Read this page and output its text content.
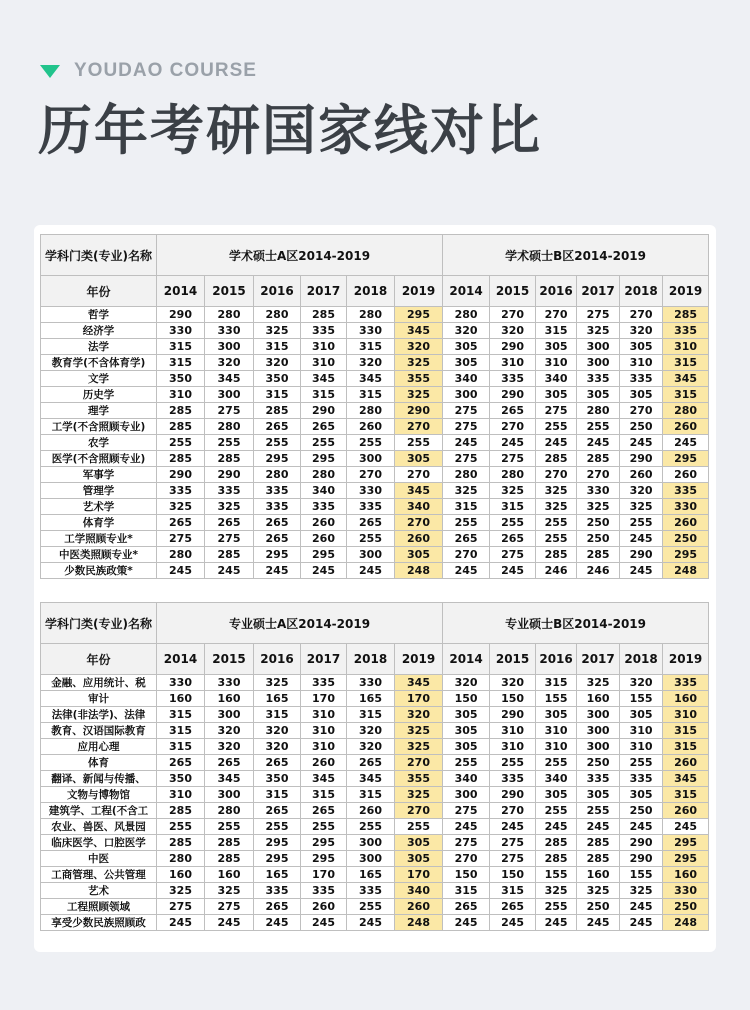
YOUDAO COURSE
历年考研国家线对比
学科门类(专业)名称	学术硕士A区2014-2019						学术硕士B区2014-2019					
年份	2014	2015	2016	2017	2018	2019	2014	2015	2016	2017	2018	2019
哲学	290	280	280	285	280	295	280	270	270	275	270	285
经济学	330	330	325	335	330	345	320	320	315	325	320	335
法学	315	300	315	310	315	320	305	290	305	300	305	310
教育学(不含体育学)	315	320	320	310	320	325	305	310	310	300	310	315
文学	350	345	350	345	345	355	340	335	340	335	335	345
历史学	310	300	315	315	315	325	300	290	305	305	305	315
理学	285	275	285	290	280	290	275	265	275	280	270	280
工学(不含照顾专业)	285	280	265	265	260	270	275	270	255	255	250	260
农学	255	255	255	255	255	255	245	245	245	245	245	245
医学(不含照顾专业)	285	285	295	295	300	305	275	275	285	285	290	295
军事学	290	290	280	280	270	270	280	280	270	270	260	260
管理学	335	335	335	340	330	345	325	325	325	330	320	335
艺术学	325	325	335	335	335	340	315	315	325	325	325	330
体育学	265	265	265	260	265	270	255	255	255	250	255	260
工学照顾专业*	275	275	265	260	255	260	265	265	255	250	245	250
中医类照顾专业*	280	285	295	295	300	305	270	275	285	285	290	295
少数民族政策*	245	245	245	245	245	248	245	245	246	246	245	248
学科门类(专业)名称	专业硕士A区2014-2019						专业硕士B区2014-2019					
年份	2014	2015	2016	2017	2018	2019	2014	2015	2016	2017	2018	2019
金融、应用统计、税	330	330	325	335	330	345	320	320	315	325	320	335
审计	160	160	165	170	165	170	150	150	155	160	155	160
法律(非法学)、法律	315	300	315	310	315	320	305	290	305	300	305	310
教育、汉语国际教育	315	320	320	310	320	325	305	310	310	300	310	315
应用心理	315	320	320	310	320	325	305	310	310	300	310	315
体育	265	265	265	260	265	270	255	255	255	250	255	260
翻译、新闻与传播、	350	345	350	345	345	355	340	335	340	335	335	345
文物与博物馆	310	300	315	315	315	325	300	290	305	305	305	315
建筑学、工程(不含工	285	280	265	265	260	270	275	270	255	255	250	260
农业、兽医、风景园	255	255	255	255	255	255	245	245	245	245	245	245
临床医学、口腔医学	285	285	295	295	300	305	275	275	285	285	290	295
中医	280	285	295	295	300	305	270	275	285	285	290	295
工商管理、公共管理	160	160	165	170	165	170	150	150	155	160	155	160
艺术	325	325	335	335	335	340	315	315	325	325	325	330
工程照顾领域	275	275	265	260	255	260	265	265	255	250	245	250
享受少数民族照顾政	245	245	245	245	245	248	245	245	245	245	245	248
